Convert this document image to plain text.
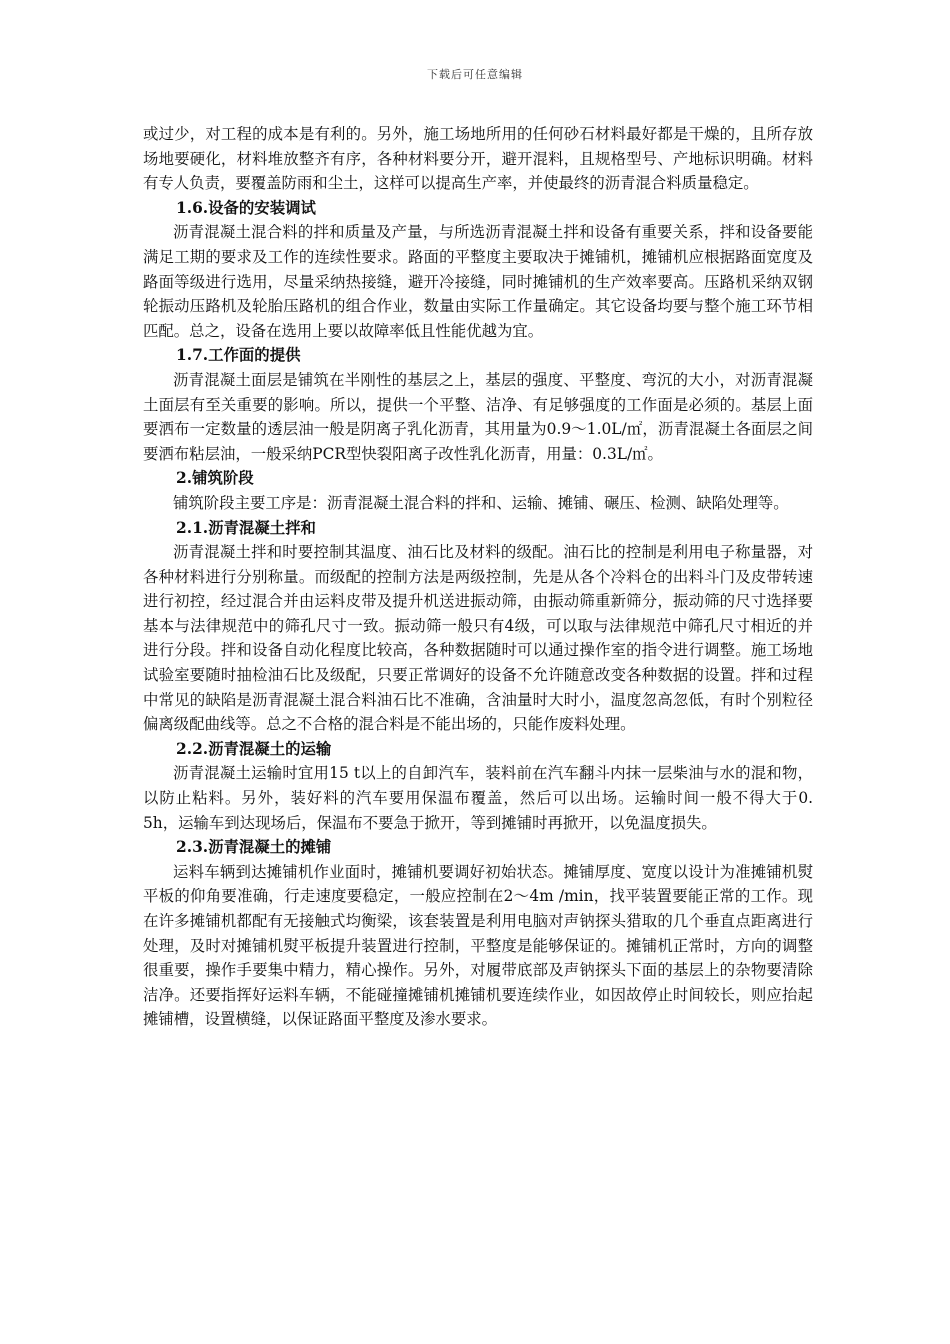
下载后可任意编辑

或过少，对工程的成本是有利的。另外，施工场地所用的任何砂石材料最好都是干燥的，且所存放场地要硬化，材料堆放整齐有序，各种材料要分开，避开混料，且规格型号、产地标识明确。材料有专人负责，要覆盖防雨和尘土，这样可以提高生产率，并使最终的沥青混合料质量稳定。

1.6.设备的安装调试

沥青混凝土混合料的拌和质量及产量，与所选沥青混凝土拌和设备有重要关系，拌和设备要能满足工期的要求及工作的连续性要求。路面的平整度主要取决于摊铺机，摊铺机应根据路面宽度及路面等级进行选用，尽量采纳热接缝，避开冷接缝，同时摊铺机的生产效率要高。压路机采纳双钢轮振动压路机及轮胎压路机的组合作业，数量由实际工作量确定。其它设备均要与整个施工环节相匹配。总之，设备在选用上要以故障率低且性能优越为宜。

1.7.工作面的提供

沥青混凝土面层是铺筑在半刚性的基层之上，基层的强度、平整度、弯沉的大小，对沥青混凝土面层有至关重要的影响。所以，提供一个平整、洁净、有足够强度的工作面是必须的。基层上面要洒布一定数量的透层油一般是阴离子乳化沥青，其用量为0.9～1.0L/㎡，沥青混凝土各面层之间要洒布粘层油，一般采纳PCR型快裂阳离子改性乳化沥青，用量：0.3L/㎡。

2.铺筑阶段

铺筑阶段主要工序是：沥青混凝土混合料的拌和、运输、摊铺、碾压、检测、缺陷处理等。

2.1.沥青混凝土拌和

沥青混凝土拌和时要控制其温度、油石比及材料的级配。油石比的控制是利用电子称量器，对各种材料进行分别称量。而级配的控制方法是两级控制，先是从各个冷料仓的出料斗门及皮带转速进行初控，经过混合并由运料皮带及提升机送进振动筛，由振动筛重新筛分，振动筛的尺寸选择要基本与法律规范中的筛孔尺寸一致。振动筛一般只有4级，可以取与法律规范中筛孔尺寸相近的并进行分段。拌和设备自动化程度比较高，各种数据随时可以通过操作室的指令进行调整。施工场地试验室要随时抽检油石比及级配，只要正常调好的设备不允许随意改变各种数据的设置。拌和过程中常见的缺陷是沥青混凝土混合料油石比不准确，含油量时大时小，温度忽高忽低，有时个别粒径偏离级配曲线等。总之不合格的混合料是不能出场的，只能作废料处理。

2.2.沥青混凝土的运输

沥青混凝土运输时宜用15 t以上的自卸汽车，装料前在汽车翻斗内抹一层柴油与水的混和物，以防止粘料。另外，装好料的汽车要用保温布覆盖，然后可以出场。运输时间一般不得大于0. 5h，运输车到达现场后，保温布不要急于掀开，等到摊铺时再掀开，以免温度损失。

2.3.沥青混凝土的摊铺

运料车辆到达摊铺机作业面时，摊铺机要调好初始状态。摊铺厚度、宽度以设计为准摊铺机熨平板的仰角要准确，行走速度要稳定，一般应控制在2～4m /min，找平装置要能正常的工作。现在许多摊铺机都配有无接触式均衡梁，该套装置是利用电脑对声钠探头猎取的几个垂直点距离进行处理，及时对摊铺机熨平板提升装置进行控制，平整度是能够保证的。摊铺机正常时，方向的调整很重要，操作手要集中精力，精心操作。另外，对履带底部及声钠探头下面的基层上的杂物要清除洁净。还要指挥好运料车辆，不能碰撞摊铺机摊铺机要连续作业，如因故停止时间较长，则应抬起摊铺槽，设置横缝，以保证路面平整度及渗水要求。
